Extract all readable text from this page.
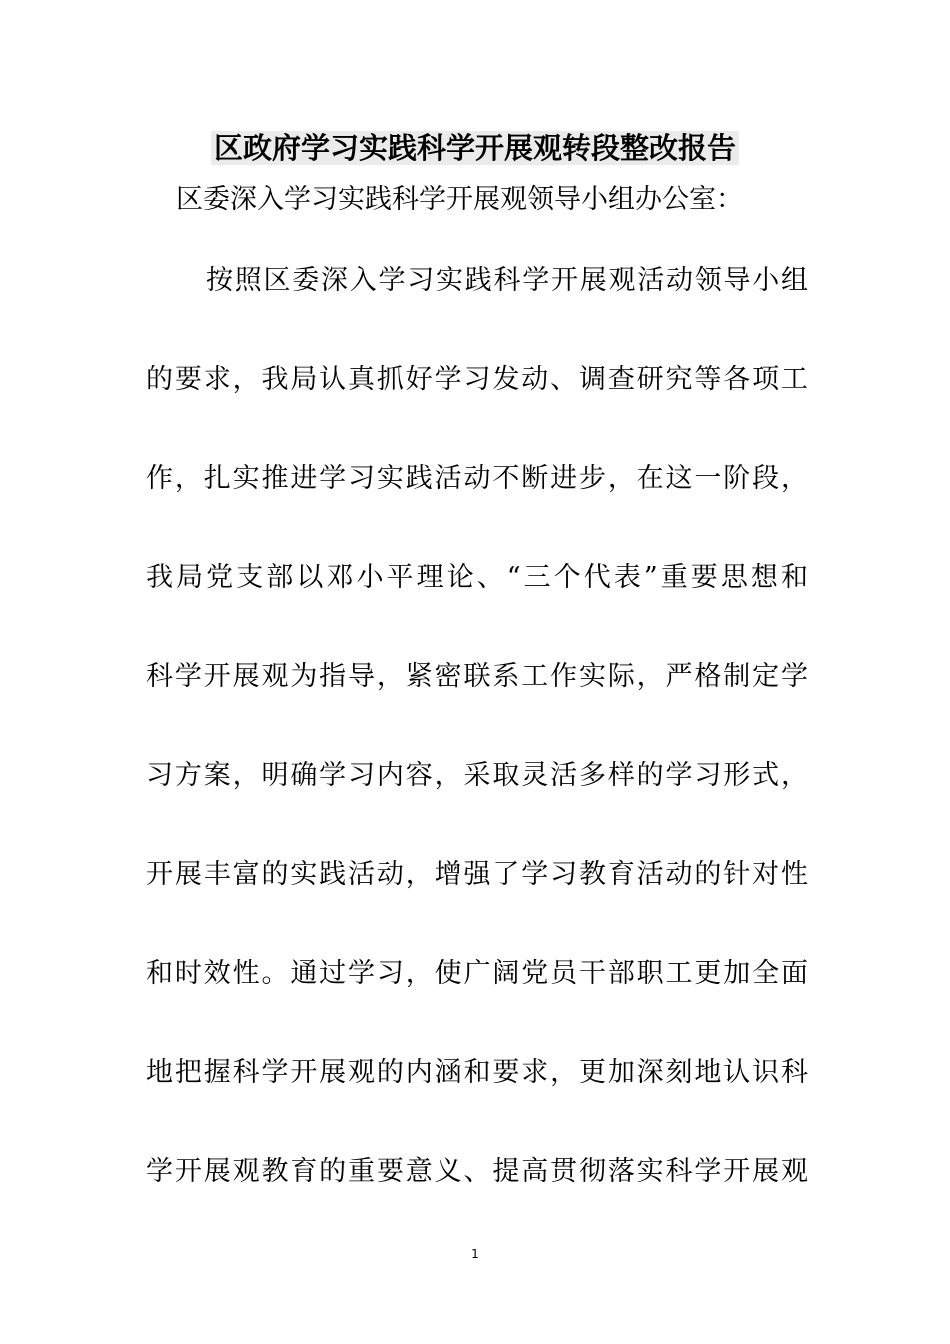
区政府学习实践科学开展观转段整改报告

区委深入学习实践科学开展观领导小组办公室：

按照区委深入学习实践科学开展观活动领导小组

的要求，我局认真抓好学习发动、调查研究等各项工

作，扎实推进学习实践活动不断进步，在这一阶段，

我局党支部以邓小平理论、“三个代表”重要思想和

科学开展观为指导，紧密联系工作实际，严格制定学

习方案，明确学习内容，采取灵活多样的学习形式，

开展丰富的实践活动，增强了学习教育活动的针对性

和时效性。通过学习，使广阔党员干部职工更加全面

地把握科学开展观的内涵和要求，更加深刻地认识科

学开展观教育的重要意义、提高贯彻落实科学开展观

1
